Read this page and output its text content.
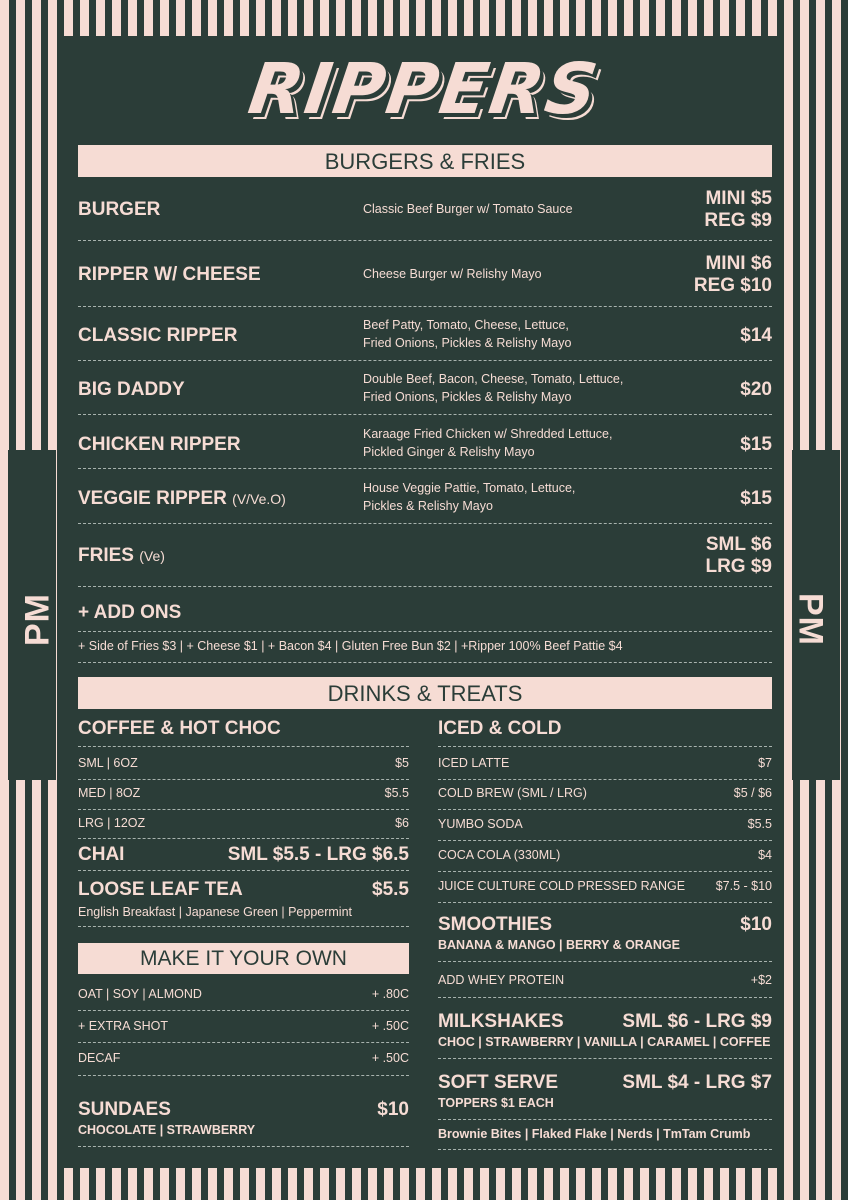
PM	PM
RIPPERS
BURGERS & FRIES
BURGER	Classic Beef Burger w/ Tomato Sauce	MINI $5
REG $9
RIPPER W/ CHEESE	Cheese Burger w/ Relishy Mayo	MINI $6
REG $10
CLASSIC RIPPER	Beef Patty, Tomato, Cheese, Lettuce,
Fried Onions, Pickles & Relishy Mayo	$14
BIG DADDY	Double Beef, Bacon, Cheese, Tomato, Lettuce,
Fried Onions, Pickles & Relishy Mayo	$20
CHICKEN RIPPER	Karaage Fried Chicken w/ Shredded Lettuce,
Pickled Ginger & Relishy Mayo	$15
VEGGIE RIPPER (V/Ve.O)
House Veggie Pattie, Tomato, Lettuce,
Pickles & Relishy Mayo	$15
FRIES (Ve)
SML $6
LRG $9
+ ADD ONS
+ Side of Fries $3 | + Cheese $1 | + Bacon $4 | Gluten Free Bun $2 | +Ripper 100% Beef Pattie $4
DRINKS & TREATS
COFFEE & HOT CHOC
SML | 6OZ	$5
MED | 8OZ	$5.5
LRG | 12OZ	$6
CHAI	SML $5.5 - LRG $6.5
LOOSE LEAF TEA	$5.5
English Breakfast | Japanese Green | Peppermint
MAKE IT YOUR OWN
OAT | SOY | ALMOND	+ .80C
+ EXTRA SHOT	+ .50C
DECAF	+ .50C
SUNDAES	$10
CHOCOLATE | STRAWBERRY
ICED & COLD
ICED LATTE	$7
COLD BREW (SML / LRG)	$5 / $6
YUMBO SODA	$5.5
COCA COLA (330ML)	$4
JUICE CULTURE COLD PRESSED RANGE	$7.5 - $10
SMOOTHIES	$10
BANANA & MANGO | BERRY & ORANGE
ADD WHEY PROTEIN	+$2
MILKSHAKES	SML $6 - LRG $9
CHOC | STRAWBERRY | VANILLA | CARAMEL | COFFEE
SOFT SERVE	SML $4 - LRG $7
TOPPERS $1 EACH
Brownie Bites | Flaked Flake | Nerds | TmTam Crumb
